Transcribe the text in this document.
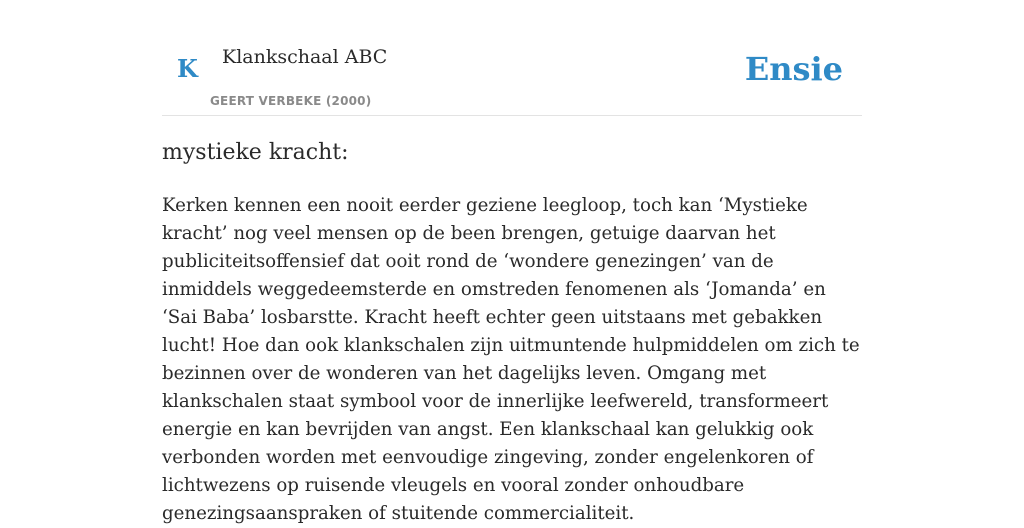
K Klankschaal ABC
GEERT VERBEKE (2000)
Ensie
mystieke kracht:

Kerken kennen een nooit eerder geziene leegloop, toch kan ‘Mystieke kracht’ nog veel mensen op de been brengen, getuige daarvan het publiciteitsoffensief dat ooit rond de ‘wondere genezingen’ van de inmiddels weggedeemsterde en omstreden fenomenen als ‘Jomanda’ en ‘Sai Baba’ losbarstte. Kracht heeft echter geen uitstaans met gebakken lucht! Hoe dan ook klankschalen zijn uitmuntende hulpmiddelen om zich te bezinnen over de wonderen van het dagelijks leven. Omgang met klankschalen staat symbool voor de innerlijke leefwereld, transformeert energie en kan bevrijden van angst. Een klankschaal kan gelukkig ook verbonden worden met eenvoudige zingeving, zonder engelenkoren of lichtwezens op ruisende vleugels en vooral zonder onhoudbare genezingsaanspraken of stuitende commercialiteit.
